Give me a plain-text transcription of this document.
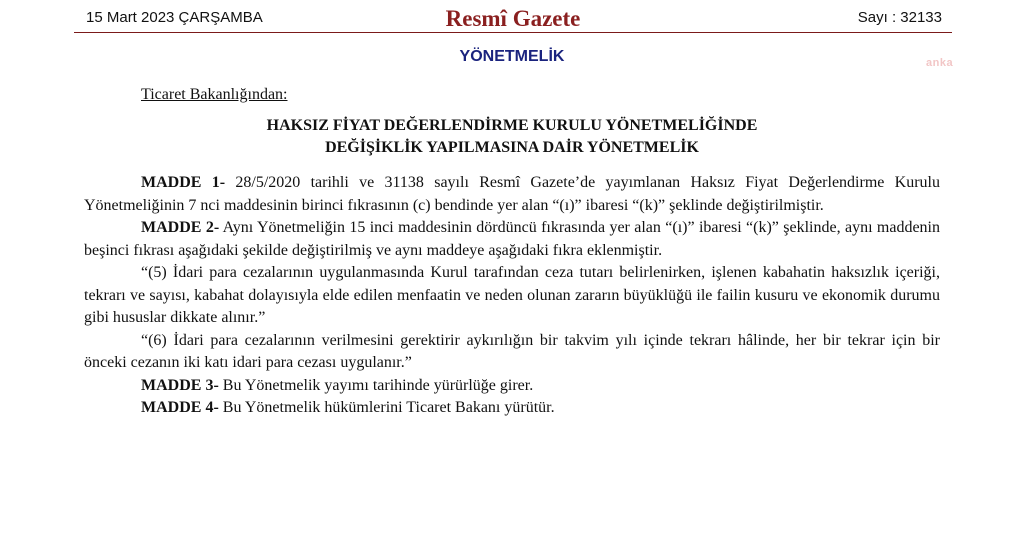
15 Mart 2023 ÇARŞAMBA	Resmî Gazete	Sayı : 32133
YÖNETMELİK	anka
Ticaret Bakanlığından:
HAKSIZ FİYAT DEĞERLENDİRME KURULU YÖNETMELİĞİNDE
DEĞİŞİKLİK YAPILMASINA DAİR YÖNETMELİK

MADDE 1- 28/5/2020 tarihli ve 31138 sayılı Resmî Gazete’de yayımlanan Haksız Fiyat Değerlendirme Kurulu Yönetmeliğinin 7 nci maddesinin birinci fıkrasının (c) bendinde yer alan “(ı)” ibaresi “(k)” şeklinde değiştirilmiştir.

MADDE 2- Aynı Yönetmeliğin 15 inci maddesinin dördüncü fıkrasında yer alan “(ı)” ibaresi “(k)” şeklinde, aynı maddenin beşinci fıkrası aşağıdaki şekilde değiştirilmiş ve aynı maddeye aşağıdaki fıkra eklenmiştir.

“(5) İdari para cezalarının uygulanmasında Kurul tarafından ceza tutarı belirlenirken, işlenen kabahatin haksızlık içeriği, tekrarı ve sayısı, kabahat dolayısıyla elde edilen menfaatin ve neden olunan zararın büyüklüğü ile failin kusuru ve ekonomik durumu gibi hususlar dikkate alınır.”

“(6) İdari para cezalarının verilmesini gerektirir aykırılığın bir takvim yılı içinde tekrarı hâlinde, her bir tekrar için bir önceki cezanın iki katı idari para cezası uygulanır.”

MADDE 3- Bu Yönetmelik yayımı tarihinde yürürlüğe girer.

MADDE 4- Bu Yönetmelik hükümlerini Ticaret Bakanı yürütür.
